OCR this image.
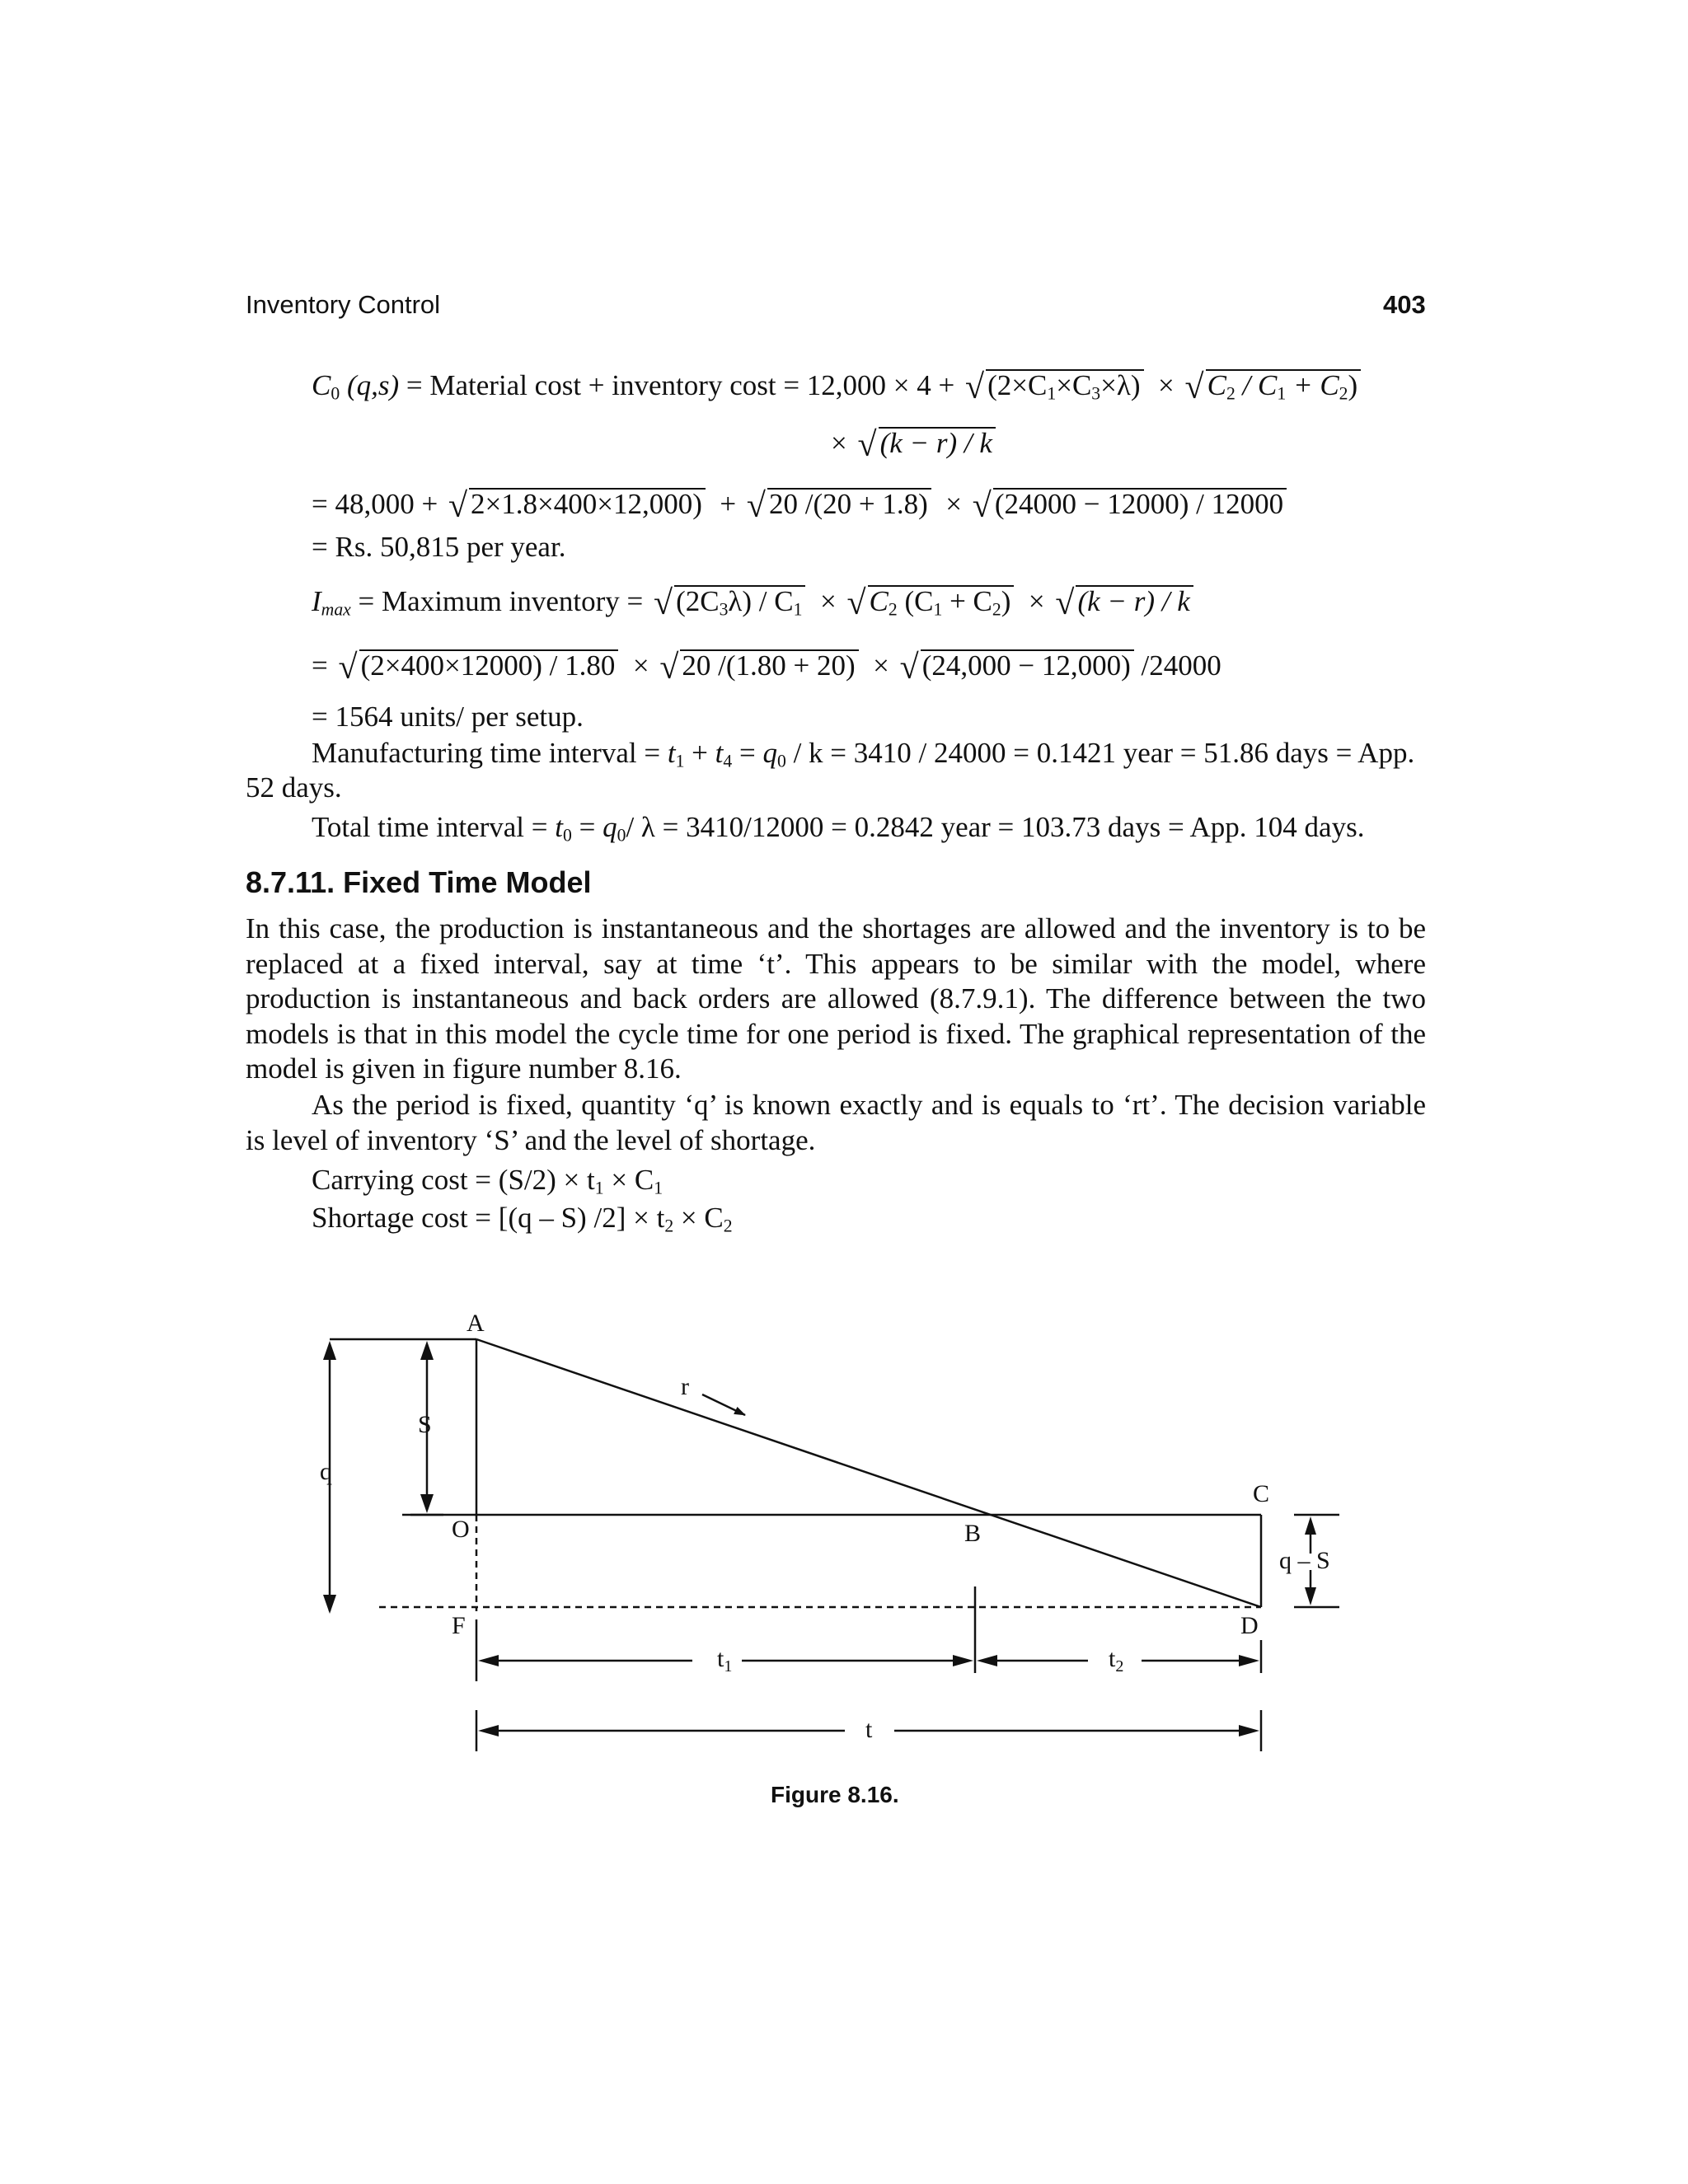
Inventory Control	403
$C_0$ (q,s) = Material cost + inventory cost = 12,000 × 4 + √ $(2\times C_1\times C_3\times\lambda)$ × √ $C_2 / C_1 + C_2$)
× √ (k − r) / k
= 48,000 + √ 2×1.8×400×12,000) + √ 20 /(20 + 1.8) × √ (24000 − 12000) / 12000
= Rs. 50,815 per year.
$I_{max}$ = Maximum inventory = √ $(2C_3\lambda) / C_1$ × √ $C_2$ $(C_1 + C_2)$ × √ (k − r) / k
= √ (2×400×12000) / 1.80 × √ 20 /(1.80 + 20) × √ (24,000 − 12,000) /24000
= 1564 units/ per setup.
Manufacturing time interval = $t_1 + t_4 = q_0 / k = 3410 / 24000 = 0.1421$ year = 51.86 days = App.
52 days.
Total time interval = $t_0 = q_0/$ λ = 3410/12000 = 0.2842 year = 103.73 days = App. 104 days.
8.7.11. Fixed Time Model
In this case, the production is instantaneous and the shortages are allowed and the inventory is to be replaced at a fixed interval, say at time ‘t’. This appears to be similar with the model, where production is instantaneous and back orders are allowed (8.7.9.1). The difference between the two models is that in this model the cycle time for one period is fixed. The graphical representation of the model is given in figure number 8.16.
As the period is fixed, quantity ‘q’ is known exactly and is equals to ‘rt’. The decision variable is level of inventory ‘S’ and the level of shortage.
Carrying $\cos t = (S/2) \times t_1 \times C_1$
Shortage cost = [(q – S) $/2] \times t_2 \times C_2$
A
B
C
D
O
F
r
S
q
q – S
$t_1$	$t_2$
t
Figure 8.16.
